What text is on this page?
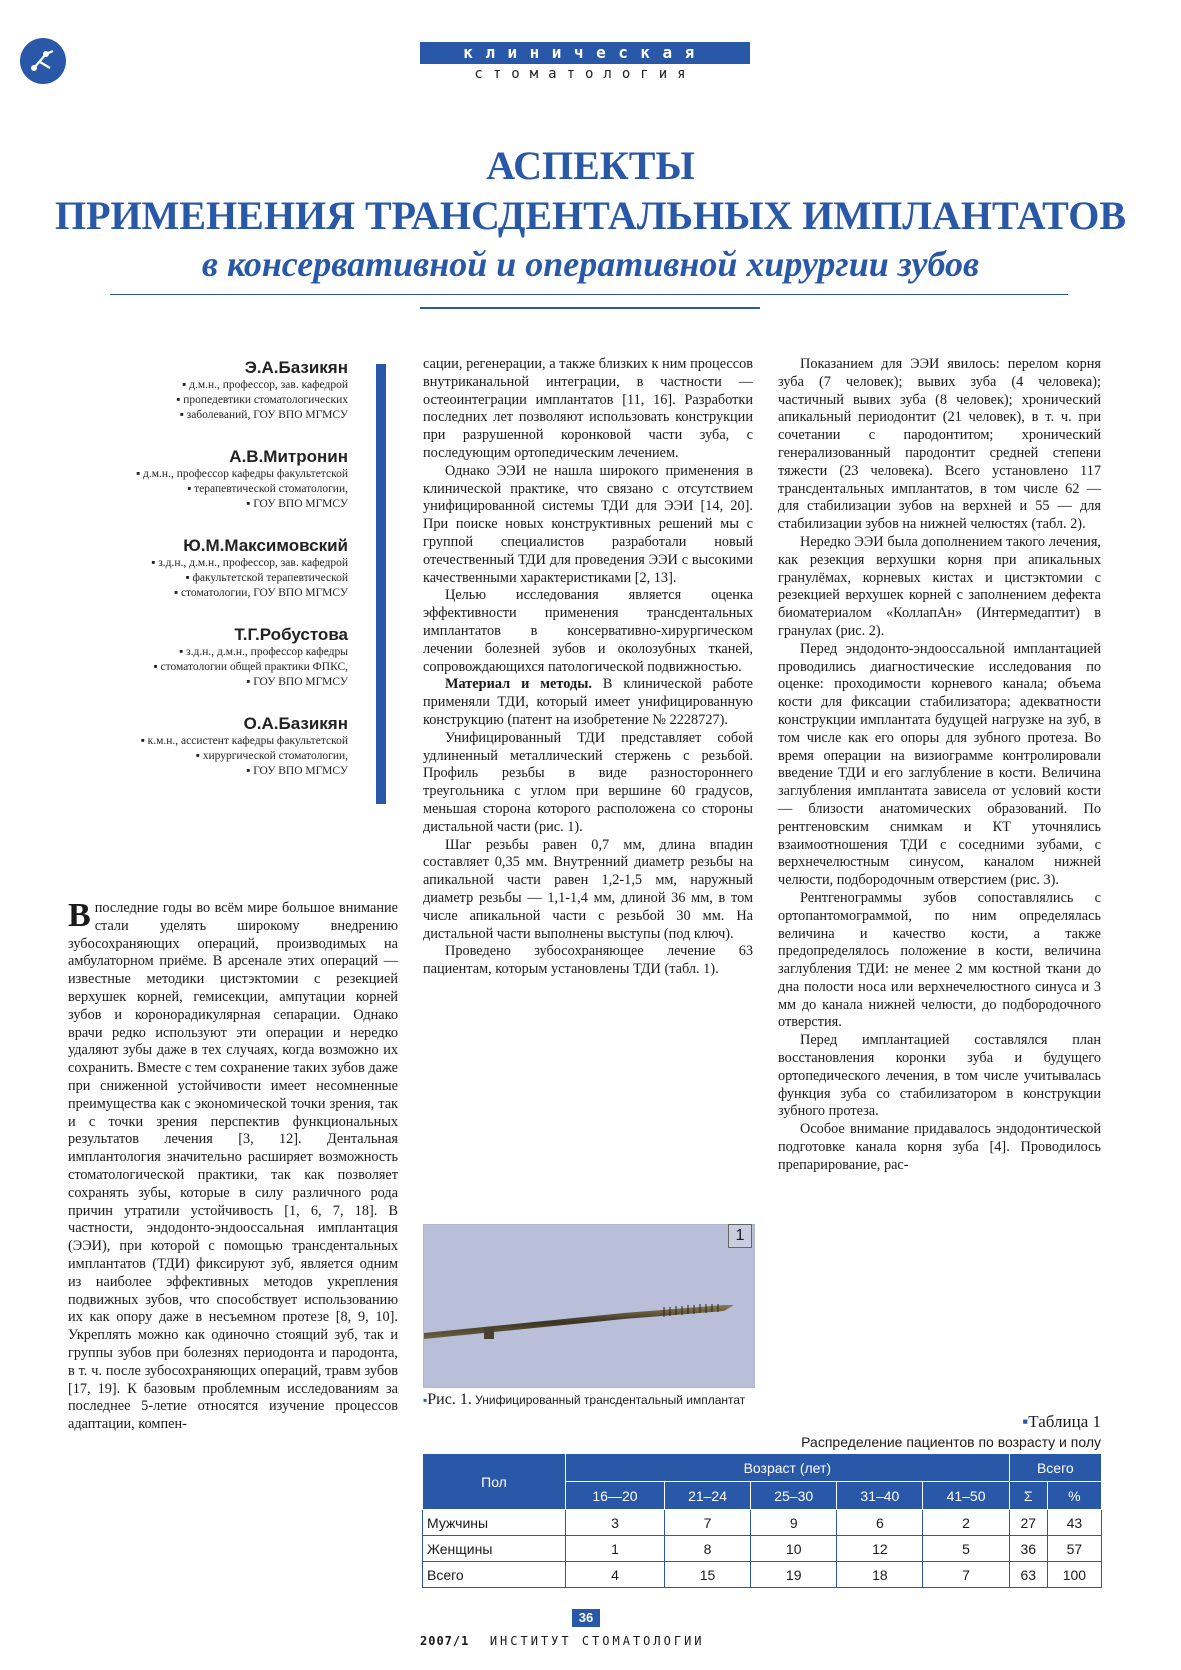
клиническая
стоматология
АСПЕКТЫ
ПРИМЕНЕНИЯ ТРАНСДЕНТАЛЬНЫХ ИМПЛАНТАТОВ
в консервативной и оперативной хирургии зубов
Э.А.Базикян
▪ д.м.н., профессор, зав. кафедрой
▪ пропедевтики стоматологических
▪ заболеваний, ГОУ ВПО МГМСУ
А.В.Митронин
▪ д.м.н., профессор кафедры факультетской
▪ терапевтической стоматологии,
▪ ГОУ ВПО МГМСУ
Ю.М.Максимовский
▪ з.д.н., д.м.н., профессор, зав. кафедрой
▪ факультетской терапевтической
▪ стоматологии, ГОУ ВПО МГМСУ
Т.Г.Робустова
▪ з.д.н., д.м.н., профессор кафедры
▪ стоматологии общей практики ФПКС,
▪ ГОУ ВПО МГМСУ
О.А.Базикян
▪ к.м.н., ассистент кафедры факультетской
▪ хирургической стоматологии,
▪ ГОУ ВПО МГМСУ

Впоследние годы во всём мире большое внимание стали уделять широкому внедрению зубосохраняющих операций, производимых на амбулаторном приёме. В арсенале этих операций — известные методики цистэктомии с резекцией верхушек корней, гемисекции, ампутации корней зубов и коронорадикулярная сепарации. Однако врачи редко используют эти операции и нередко удаляют зубы даже в тех случаях, когда возможно их сохранить. Вместе с тем сохранение таких зубов даже при сниженной устойчивости имеет несомненные преимущества как с экономической точки зрения, так и с точки зрения перспектив функциональных результатов лечения [3, 12]. Дентальная имплантология значительно расширяет возможность стоматологической практики, так как позволяет сохранять зубы, которые в силу различного рода причин утратили устойчивость [1, 6, 7, 18]. В частности, эндодонто-эндооссальная имплантация (ЭЭИ), при которой с помощью трансдентальных имплантатов (ТДИ) фиксируют зуб, является одним из наиболее эффективных методов укрепления подвижных зубов, что способствует использованию их как опору даже в несъемном протезе [8, 9, 10]. Укреплять можно как одиночно стоящий зуб, так и группы зубов при болезнях периодонта и пародонта, в т. ч. после зубосохраняющих операций, травм зубов [17, 19]. К базовым проблемным исследованиям за последнее 5-летие относятся изучение процессов адаптации, компен-

сации, регенерации, а также близких к ним процессов внутриканальной интеграции, в частности — остеоинтеграции имплантатов [11, 16]. Разработки последних лет позволяют использовать конструкции при разрушенной коронковой части зуба, с последующим ортопедическим лечением.

Однако ЭЭИ не нашла широкого применения в клинической практике, что связано с отсутствием унифицированной системы ТДИ для ЭЭИ [14, 20]. При поиске новых конструктивных решений мы с группой специалистов разработали новый отечественный ТДИ для проведения ЭЭИ с высокими качественными характеристиками [2, 13].

Целью исследования является оценка эффективности применения трансдентальных имплантатов в консервативно-хирургическом лечении болезней зубов и околозубных тканей, сопровождающихся патологической подвижностью.

Материал и методы. В клинической работе применяли ТДИ, который имеет унифицированную конструкцию (патент на изобретение № 2228727).

Унифицированный ТДИ представляет собой удлиненный металлический стержень с резьбой. Профиль резьбы в виде разностороннего треугольника с углом при вершине 60 градусов, меньшая сторона которого расположена со стороны дистальной части (рис. 1).

Шаг резьбы равен 0,7 мм, длина впадин составляет 0,35 мм. Внутренний диаметр резьбы на апикальной части равен 1,2-1,5 мм, наружный диаметр резьбы — 1,1-1,4 мм, длиной 36 мм, в том числе апикальной части с резьбой 30 мм. На дистальной части выполнены выступы (под ключ).

Проведено зубосохраняющее лечение 63 пациентам, которым установлены ТДИ (табл. 1).

Показанием для ЭЭИ явилось: перелом корня зуба (7 человек); вывих зуба (4 человека); частичный вывих зуба (8 человек); хронический апикальный периодонтит (21 человек), в т. ч. при сочетании с пародонтитом; хронический генерализованный пародонтит средней степени тяжести (23 человека). Всего установлено 117 трансдентальных имплантатов, в том числе 62 — для стабилизации зубов на верхней и 55 — для стабилизации зубов на нижней челюстях (табл. 2).

Нередко ЭЭИ была дополнением такого лечения, как резекция верхушки корня при апикальных гранулёмах, корневых кистах и цистэктомии с резекцией верхушек корней с заполнением дефекта биоматериалом «КоллапАн» (Интермедаптит) в гранулах (рис. 2).

Перед эндодонто-эндооссальной имплантацией проводились диагностические исследования по оценке: проходимости корневого канала; объема кости для фиксации стабилизатора; адекватности конструкции имплантата будущей нагрузке на зуб, в том числе как его опоры для зубного протеза. Во время операции на визиограмме контролировали введение ТДИ и его заглубление в кости. Величина заглубления имплантата зависела от условий кости — близости анатомических образований. По рентгеновским снимкам и КТ уточнялись взаимоотношения ТДИ с соседними зубами, с верхнечелюстным синусом, каналом нижней челюсти, подбородочным отверстием (рис. 3).

Рентгенограммы зубов сопоставлялись с ортопантомограммой, по ним определялась величина и качество кости, а также предопределялось положение в кости, величина заглубления ТДИ: не менее 2 мм костной ткани до дна полости носа или верхнечелюстного синуса и 3 мм до канала нижней челюсти, до подбородочного отверстия.

Перед имплантацией составлялся план восстановления коронки зуба и будущего ортопедического лечения, в том числе учитывалась функция зуба со стабилизатором в конструкции зубного протеза.

Особое внимание придавалось эндодонтической подготовке канала корня зуба [4]. Проводилось препарирование, рас-

1
▪Рис. 1. Унифицированный трансдентальный имплантат
▪Таблица 1
Распределение пациентов по возрасту и полу
Пол	Возраст (лет)					Всего	
	16—20	21–24	25–30	31–40	41–50	Σ	%
Мужчины	3	7	9	6	2	27	43
Женщины	1	8	10	12	5	36	57
Всего	4	15	19	18	7	63	100
36
2007/1 ИНСТИТУТ СТОМАТОЛОГИИ
